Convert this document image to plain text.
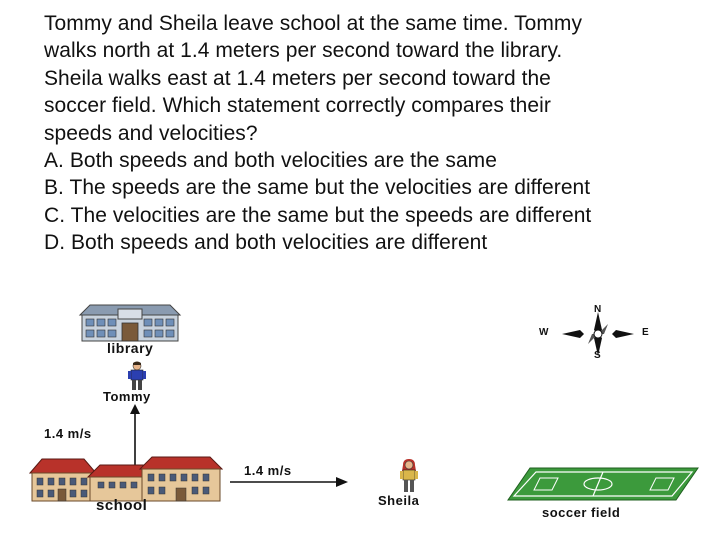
Tommy and Sheila leave school at the same time. Tommy
walks north at 1.4 meters per second toward the library.
Sheila walks east at 1.4 meters per second toward the
soccer field. Which statement correctly compares their
speeds and velocities?
A. Both speeds and both velocities are the same
B. The speeds are the same but the velocities are different
C. The velocities are the same but the speeds are different
D. Both speeds and both velocities are different
library
Tommy
1.4 m/s
school
1.4 m/s
Sheila
soccer field
N
S
W	E
